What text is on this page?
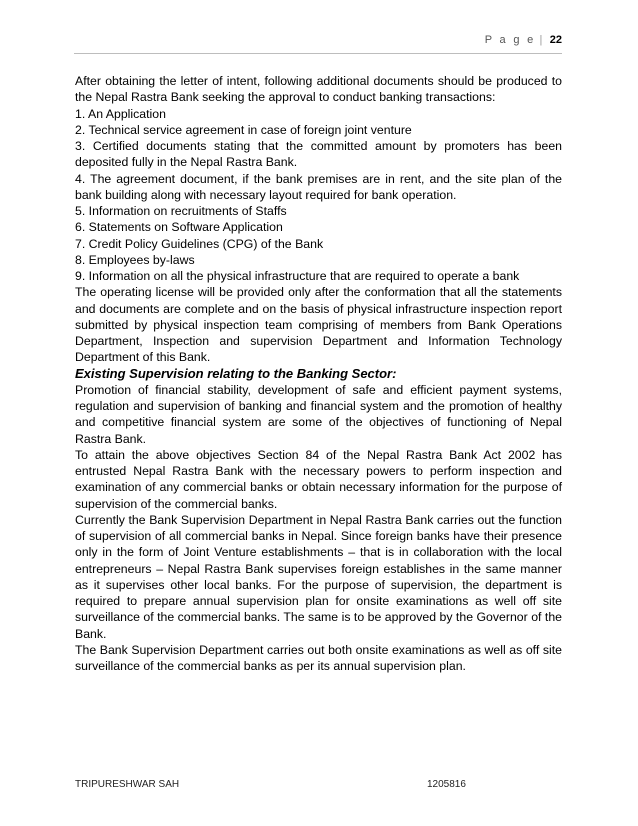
P a g e | 22

After obtaining the letter of intent, following additional documents should be produced to the Nepal Rastra Bank seeking the approval to conduct banking transactions:

1. An Application

2. Technical service agreement in case of foreign joint venture

3. Certified documents stating that the committed amount by promoters has been deposited fully in the Nepal Rastra Bank.

4. The agreement document, if the bank premises are in rent, and the site plan of the bank building along with necessary layout required for bank operation.

5. Information on recruitments of Staffs

6. Statements on Software Application

7. Credit Policy Guidelines (CPG) of the Bank

8. Employees by-laws

9. Information on all the physical infrastructure that are required to operate a bank

The operating license will be provided only after the conformation that all the statements and documents are complete and on the basis of physical infrastructure inspection report submitted by physical inspection team comprising of members from Bank Operations Department, Inspection and supervision Department and Information Technology Department of this Bank.

Existing Supervision relating to the Banking Sector:

Promotion of financial stability, development of safe and efficient payment systems, regulation and supervision of banking and financial system and the promotion of healthy and competitive financial system are some of the objectives of functioning of Nepal Rastra Bank.

To attain the above objectives Section 84 of the Nepal Rastra Bank Act 2002 has entrusted Nepal Rastra Bank with the necessary powers to perform inspection and examination of any commercial banks or obtain necessary information for the purpose of supervision of the commercial banks.

Currently the Bank Supervision Department in Nepal Rastra Bank carries out the function of supervision of all commercial banks in Nepal. Since foreign banks have their presence only in the form of Joint Venture establishments – that is in collaboration with the local entrepreneurs – Nepal Rastra Bank supervises foreign establishes in the same manner as it supervises other local banks. For the purpose of supervision, the department is required to prepare annual supervision plan for onsite examinations as well off site surveillance of the commercial banks. The same is to be approved by the Governor of the Bank.

The Bank Supervision Department carries out both onsite examinations as well as off site surveillance of the commercial banks as per its annual supervision plan.

TRIPURESHWAR SAH	1205816
